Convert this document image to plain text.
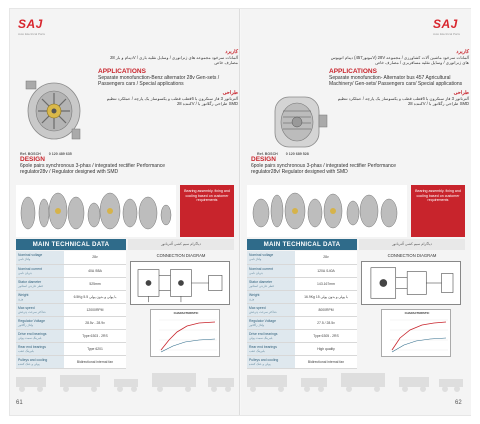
SAJ
Auto Electrical Parts
کاربرد
دینام و بار 28V آلمانات سرخود مجموعه های ژنراتوری / وسایل نقلیه باری / مصارف خاص
APPLICATIONS
Separate monofunction-Benz alternator 28v Gen-sets / Passengers cars / Special applications
طراحی
آلترناتور 3 فاز سنکرون با 6قطب قطب و یکسوساز یک پارچه / عملکرد تنظیم کننده 28V / طراحی رگلاتور با SMD
Ref. BOSCH 0 120 489 635
DESIGN
6pole pairs synchronous 3-phas / integrated rectifier Performance regulator28v / Regulator designed with SMD
Bearing assembly. fixing and cooling based on customer requirements
MAIN TECHNICAL DATA	دیاگرام سیم کشی آلترناتور
Nominal voltage
ولتاژ نامی	28v
Nominal current
جریان نامی	40A /55A
Stator diameter
قطر خارجی استاتور	525mm
Weight
وزن	6.5Kg با پولی و بدون پولی 5.5
Max speed
حداکثر سرعت چرخش	12000RPM
Regulator Voltage
ولتاژ رگلاتور	28.5v - 28.9v
Drive end bearings
بلبرینگ سمت پولی	Type 6303 - 2RS
Rear end bearings
بلبرینگ عقب	Type 6201
Pulleys and cooling
پولی و خنک کننده	Bidirectional internal fan
CONNECTION DIAGRAM
CHARACTERISTIC
61
SAJ
Auto Electrical Parts
کاربرد
دینام اتوبوس (موتور457V) 28V آلمانات سرخود ماشین آلات کشاورزی / مجموعه های ژنراتوری / وسایل نقلیه مسافربری / مصارف خاص
APPLICATIONS
Separate monofunction- Alternator bus 457 Agricultural Machinery/ Gen-sets/ Passengers cars/ Special applications
طراحی
آلترناتور 3 فاز سنکرون با 6قطب قطب و یکسوساز یک پارچه / عملکرد تنظیم کننده 28V / طراحی رگلاتور با SMD
Ref. BOSCH 0 120 689 528
DESIGN
6pole pairs synchronous 3-phas / integrated rectifier Performance regulator28v/ Regulator designed with SMD
Bearing assembly. fixing and cooling based on customer requirements
MAIN TECHNICAL DATA	دیاگرام سیم کشی آلترناتور
Nominal voltage
ولتاژ نامی	28v
Nominal current
جریان نامی	120A /140A
Stator diameter
قطر خارجی استاتور	143.167mm
Weight
وزن	16.9Kg با پولی و بدون پولی 15
Max speed
حداکثر سرعت چرخش	8000RPM
Regulator Voltage
ولتاژ رگلاتور	27.5 / 28.5v
Drive end bearings
بلبرینگ سمت پولی	Type 6305 - 2RS
Rear end bearings
بلبرینگ عقب	High quality
Pulleys and cooling
پولی و خنک کننده	Bidirectional internal fan
CONNECTION DIAGRAM
CHARACTERISTIC
62
